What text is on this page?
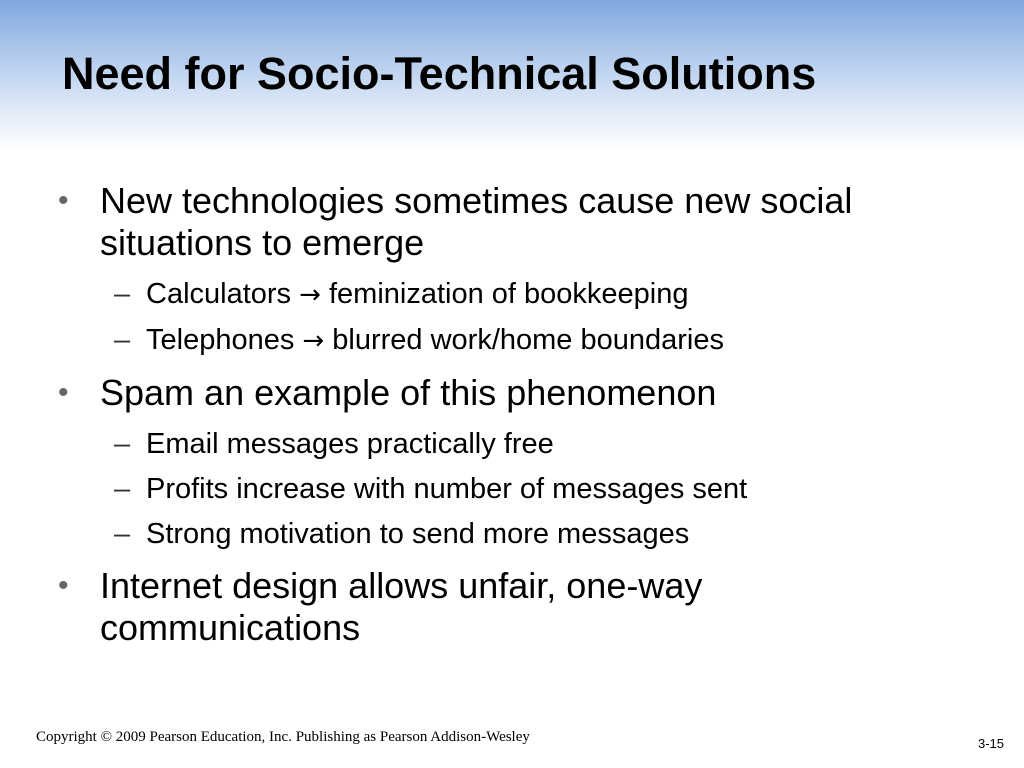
Need for Socio-Technical Solutions
• New technologies sometimes cause new social situations to emerge
– Calculators → feminization of bookkeeping
– Telephones → blurred work/home boundaries
• Spam an example of this phenomenon
– Email messages practically free
– Profits increase with number of messages sent
– Strong motivation to send more messages
• Internet design allows unfair, one-way communications
Copyright © 2009 Pearson Education, Inc. Publishing as Pearson Addison-Wesley	3-15
